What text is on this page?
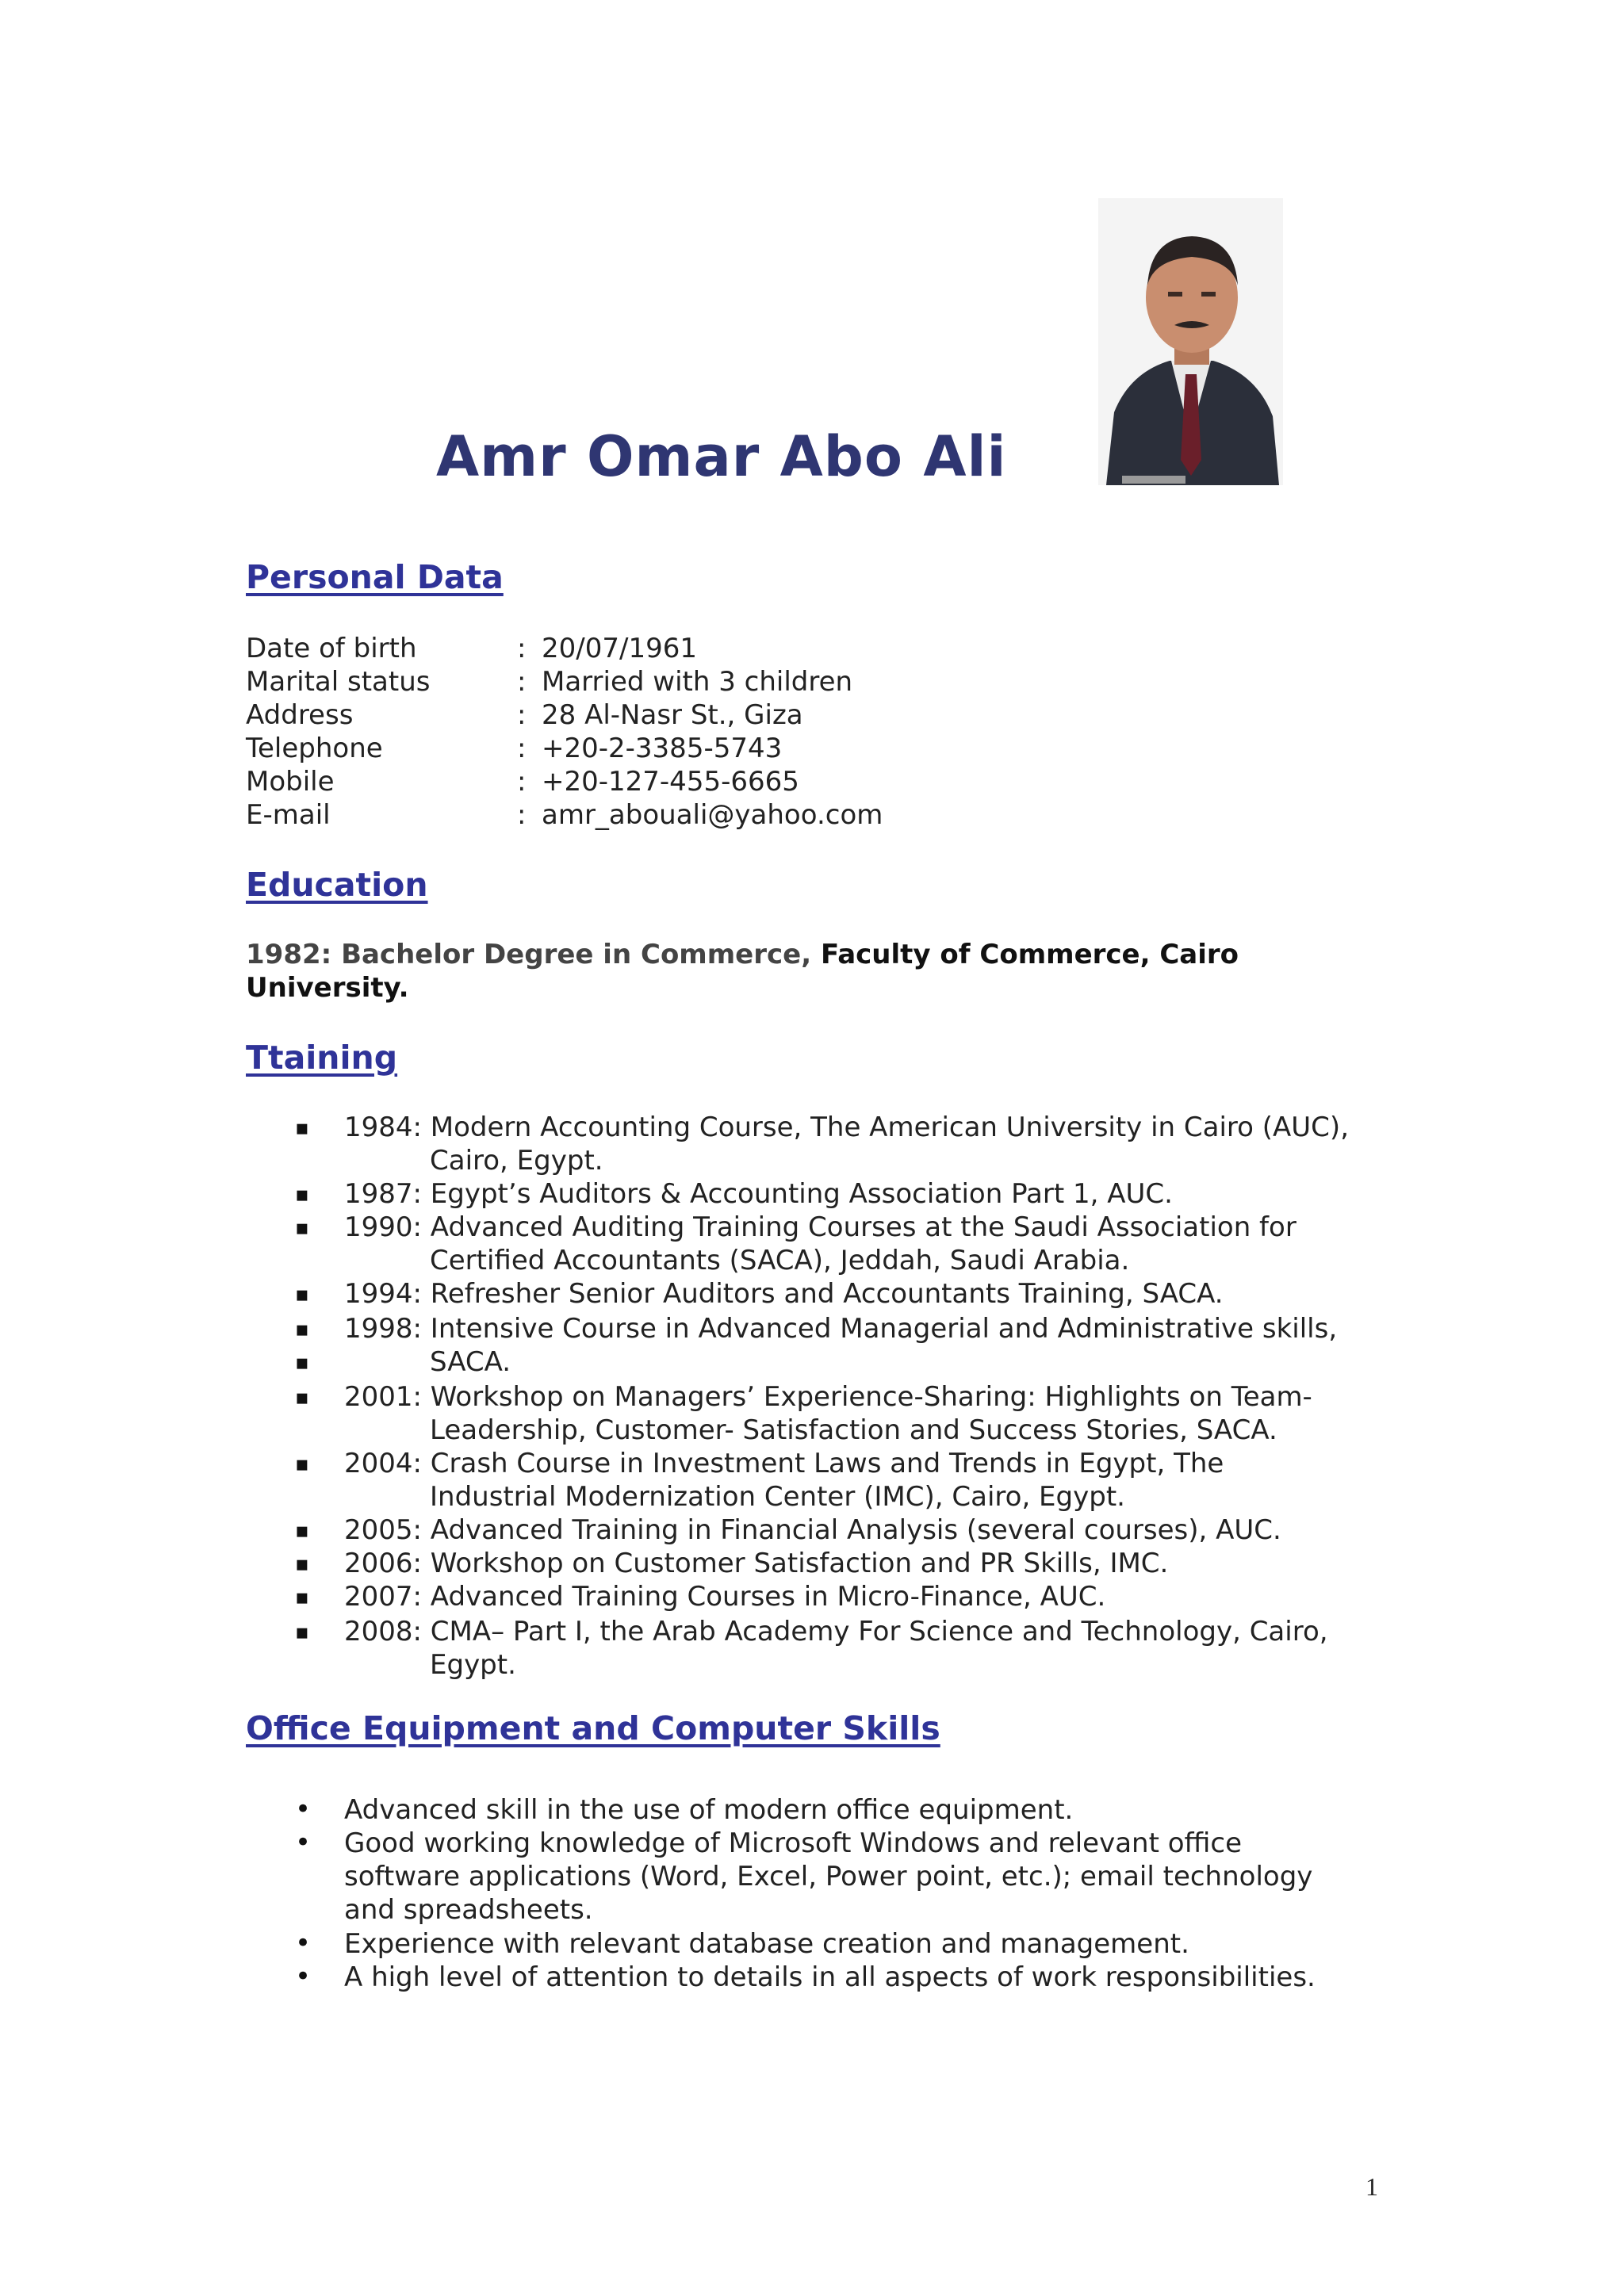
Amr Omar Abo Ali
Personal Data
Date of birth	: 20/07/1961
Marital status	: Married with 3 children
Address	: 28 Al-Nasr St., Giza
Telephone	: +20-2-3385-5743
Mobile	: +20-127-455-6665
E-mail	: amr_abouali@yahoo.com
Education
1982: Bachelor Degree in Commerce, Faculty of Commerce, Cairo
University.
Ttaining
▪ 1984: Modern Accounting Course, The American University in Cairo (AUC),
Cairo, Egypt.
▪ 1987: Egypt’s Auditors & Accounting Association Part 1, AUC.
▪ 1990: Advanced Auditing Training Courses at the Saudi Association for
Certified Accountants (SACA), Jeddah, Saudi Arabia.
▪ 1994: Refresher Senior Auditors and Accountants Training, SACA.
▪ 1998: Intensive Course in Advanced Managerial and Administrative skills,
▪	SACA.
▪ 2001: Workshop on Managers’ Experience-Sharing: Highlights on Team-
Leadership, Customer- Satisfaction and Success Stories, SACA.
▪ 2004: Crash Course in Investment Laws and Trends in Egypt, The
Industrial Modernization Center (IMC), Cairo, Egypt.
▪ 2005: Advanced Training in Financial Analysis (several courses), AUC.
▪ 2006: Workshop on Customer Satisfaction and PR Skills, IMC.
▪ 2007: Advanced Training Courses in Micro-Finance, AUC.
▪ 2008: CMA– Part I, the Arab Academy For Science and Technology, Cairo,
Egypt.
Office Equipment and Computer Skills
• Advanced skill in the use of modern office equipment.
• Good working knowledge of Microsoft Windows and relevant office software applications (Word, Excel, Power point, etc.); email technology and spreadsheets.
• Experience with relevant database creation and management.
• A high level of attention to details in all aspects of work responsibilities.
1
